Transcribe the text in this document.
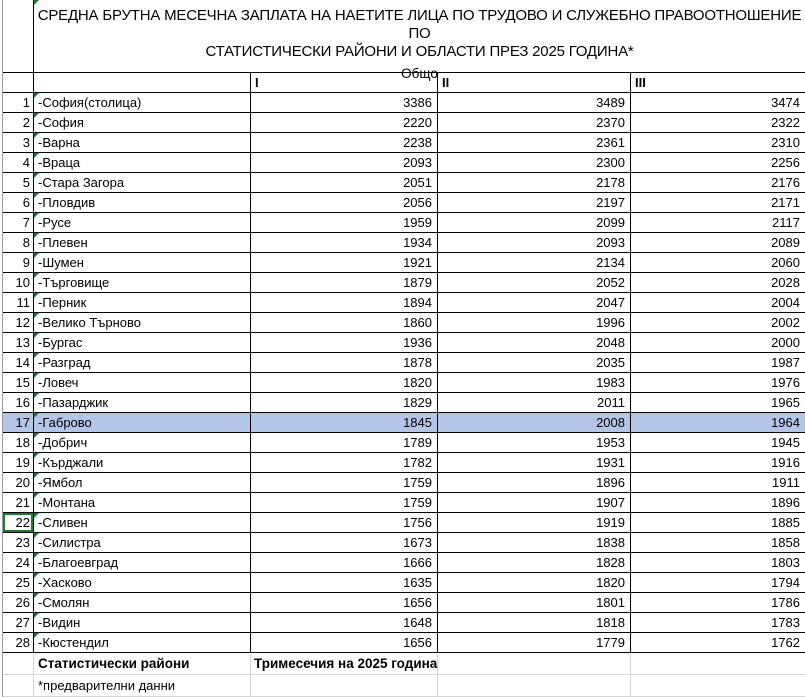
СРЕДНА БРУТНА МЕСЕЧНА ЗАПЛАТА НА НАЕТИТЕ ЛИЦА ПО ТРУДОВО И СЛУЖЕБНО ПРАВООТНОШЕНИЕ ПО
СТАТИСТИЧЕСКИ РАЙОНИ И ОБЛАСТИ ПРЕЗ 2025 ГОДИНА*
Общо
I	II	III
1 -София(столица)	3386	3489	3474
2 -София	2220	2370	2322
3 -Варна	2238	2361	2310
4 -Враца	2093	2300	2256
5 -Стара Загора	2051	2178	2176
6 -Пловдив	2056	2197	2171
7 -Русе	1959	2099	2117
8 -Плевен	1934	2093	2089
9 -Шумен	1921	2134	2060
10 -Търговище	1879	2052	2028
11 -Перник	1894	2047	2004
12 -Велико Търново	1860	1996	2002
13 -Бургас	1936	2048	2000
14 -Разград	1878	2035	1987
15 -Ловеч	1820	1983	1976
16 -Пазарджик	1829	2011	1965
17 -Габрово	1845	2008	1964
18 -Добрич	1789	1953	1945
19 -Кърджали	1782	1931	1916
20 -Ямбол	1759	1896	1911
21 -Монтана	1759	1907	1896
22 -Сливен	1756	1919	1885
23 -Силистра	1673	1838	1858
24 -Благоевград	1666	1828	1803
25 -Хасково	1635	1820	1794
26 -Смолян	1656	1801	1786
27 -Видин	1648	1818	1783
28 -Кюстендил	1656	1779	1762
Статистически райони	Тримесечия на 2025 година
*предварителни данни
